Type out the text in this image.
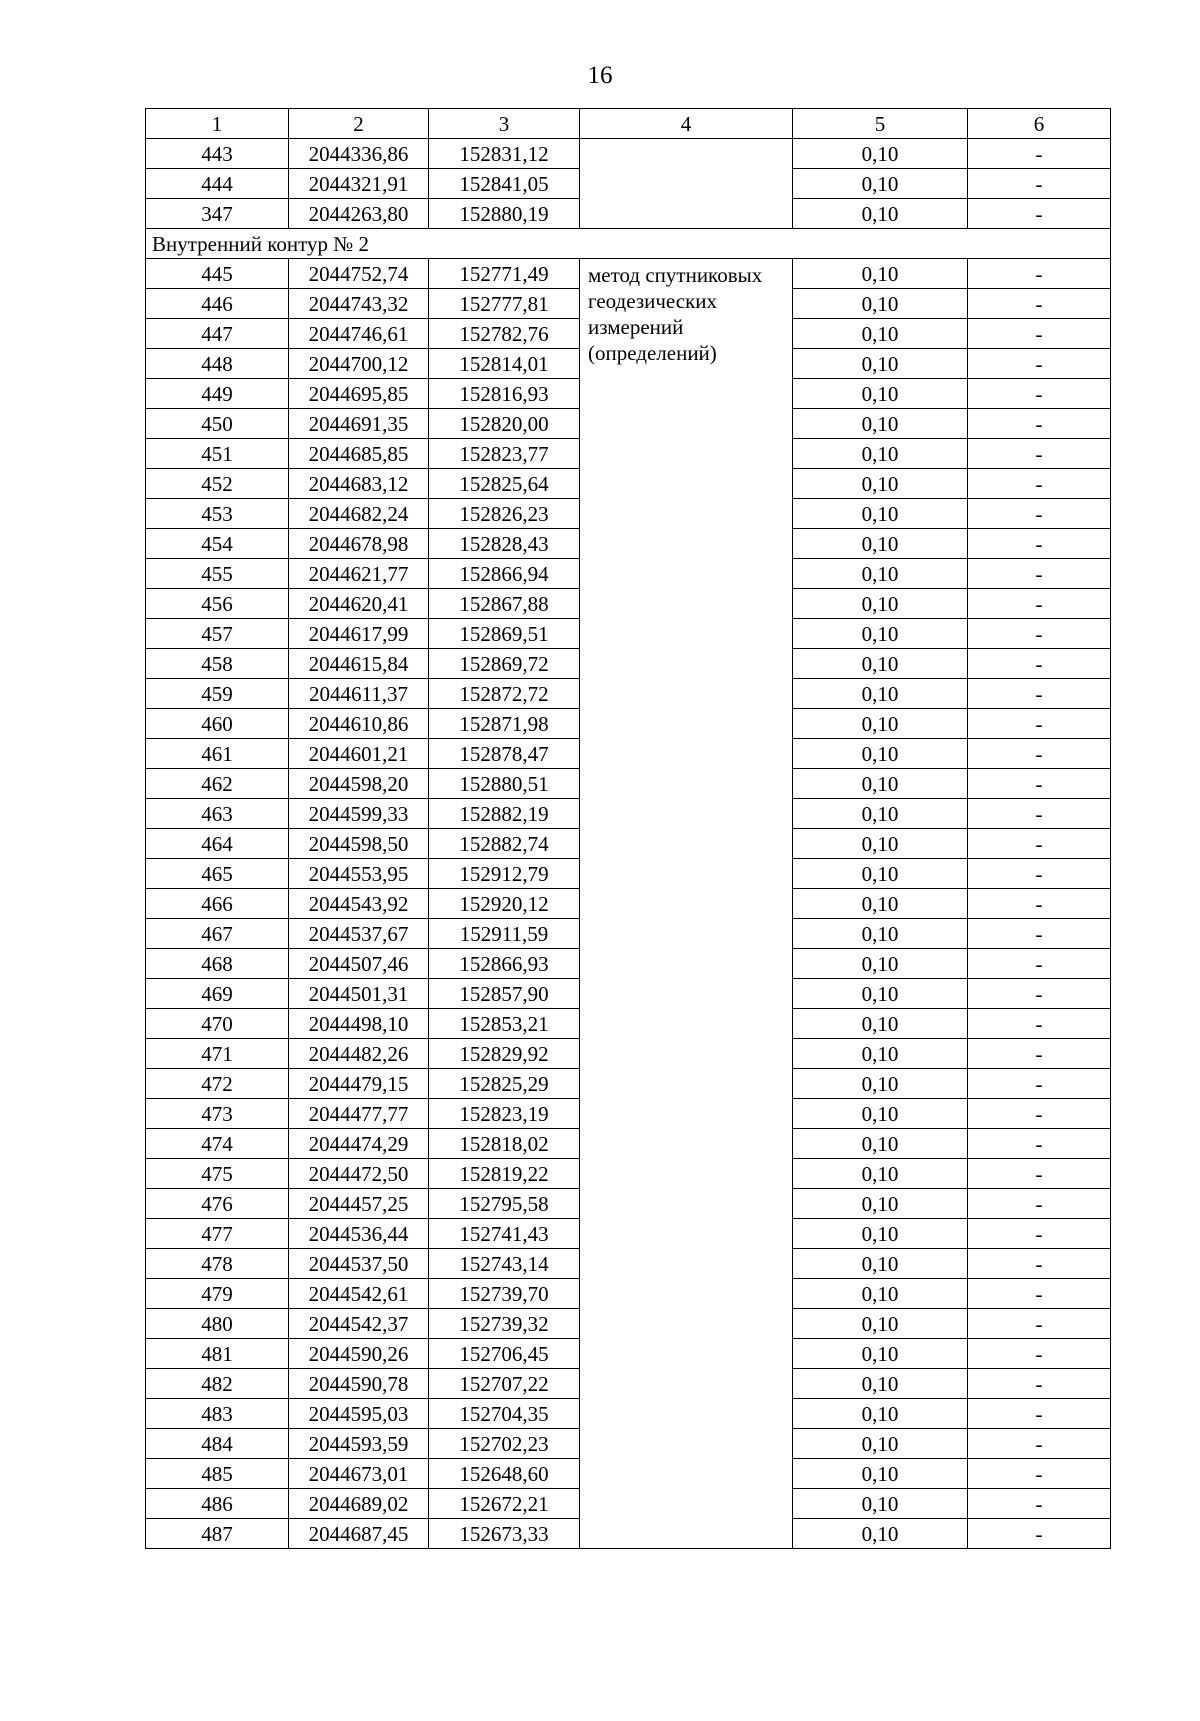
16
1	2	3	4	5	6
443	2044336,86	152831,12		0,10	-
444	2044321,91	152841,05		0,10	-
347	2044263,80	152880,19		0,10	-
Внутренний контур № 2					
445	2044752,74	152771,49	метод спутниковых
геодезических
измерений
(определений)	0,10	-
446	2044743,32	152777,81		0,10	-
447	2044746,61	152782,76		0,10	-
448	2044700,12	152814,01		0,10	-
449	2044695,85	152816,93		0,10	-
450	2044691,35	152820,00		0,10	-
451	2044685,85	152823,77		0,10	-
452	2044683,12	152825,64		0,10	-
453	2044682,24	152826,23		0,10	-
454	2044678,98	152828,43		0,10	-
455	2044621,77	152866,94		0,10	-
456	2044620,41	152867,88		0,10	-
457	2044617,99	152869,51		0,10	-
458	2044615,84	152869,72		0,10	-
459	2044611,37	152872,72		0,10	-
460	2044610,86	152871,98		0,10	-
461	2044601,21	152878,47		0,10	-
462	2044598,20	152880,51		0,10	-
463	2044599,33	152882,19		0,10	-
464	2044598,50	152882,74		0,10	-
465	2044553,95	152912,79		0,10	-
466	2044543,92	152920,12		0,10	-
467	2044537,67	152911,59		0,10	-
468	2044507,46	152866,93		0,10	-
469	2044501,31	152857,90		0,10	-
470	2044498,10	152853,21		0,10	-
471	2044482,26	152829,92		0,10	-
472	2044479,15	152825,29		0,10	-
473	2044477,77	152823,19		0,10	-
474	2044474,29	152818,02		0,10	-
475	2044472,50	152819,22		0,10	-
476	2044457,25	152795,58		0,10	-
477	2044536,44	152741,43		0,10	-
478	2044537,50	152743,14		0,10	-
479	2044542,61	152739,70		0,10	-
480	2044542,37	152739,32		0,10	-
481	2044590,26	152706,45		0,10	-
482	2044590,78	152707,22		0,10	-
483	2044595,03	152704,35		0,10	-
484	2044593,59	152702,23		0,10	-
485	2044673,01	152648,60		0,10	-
486	2044689,02	152672,21		0,10	-
487	2044687,45	152673,33		0,10	-
